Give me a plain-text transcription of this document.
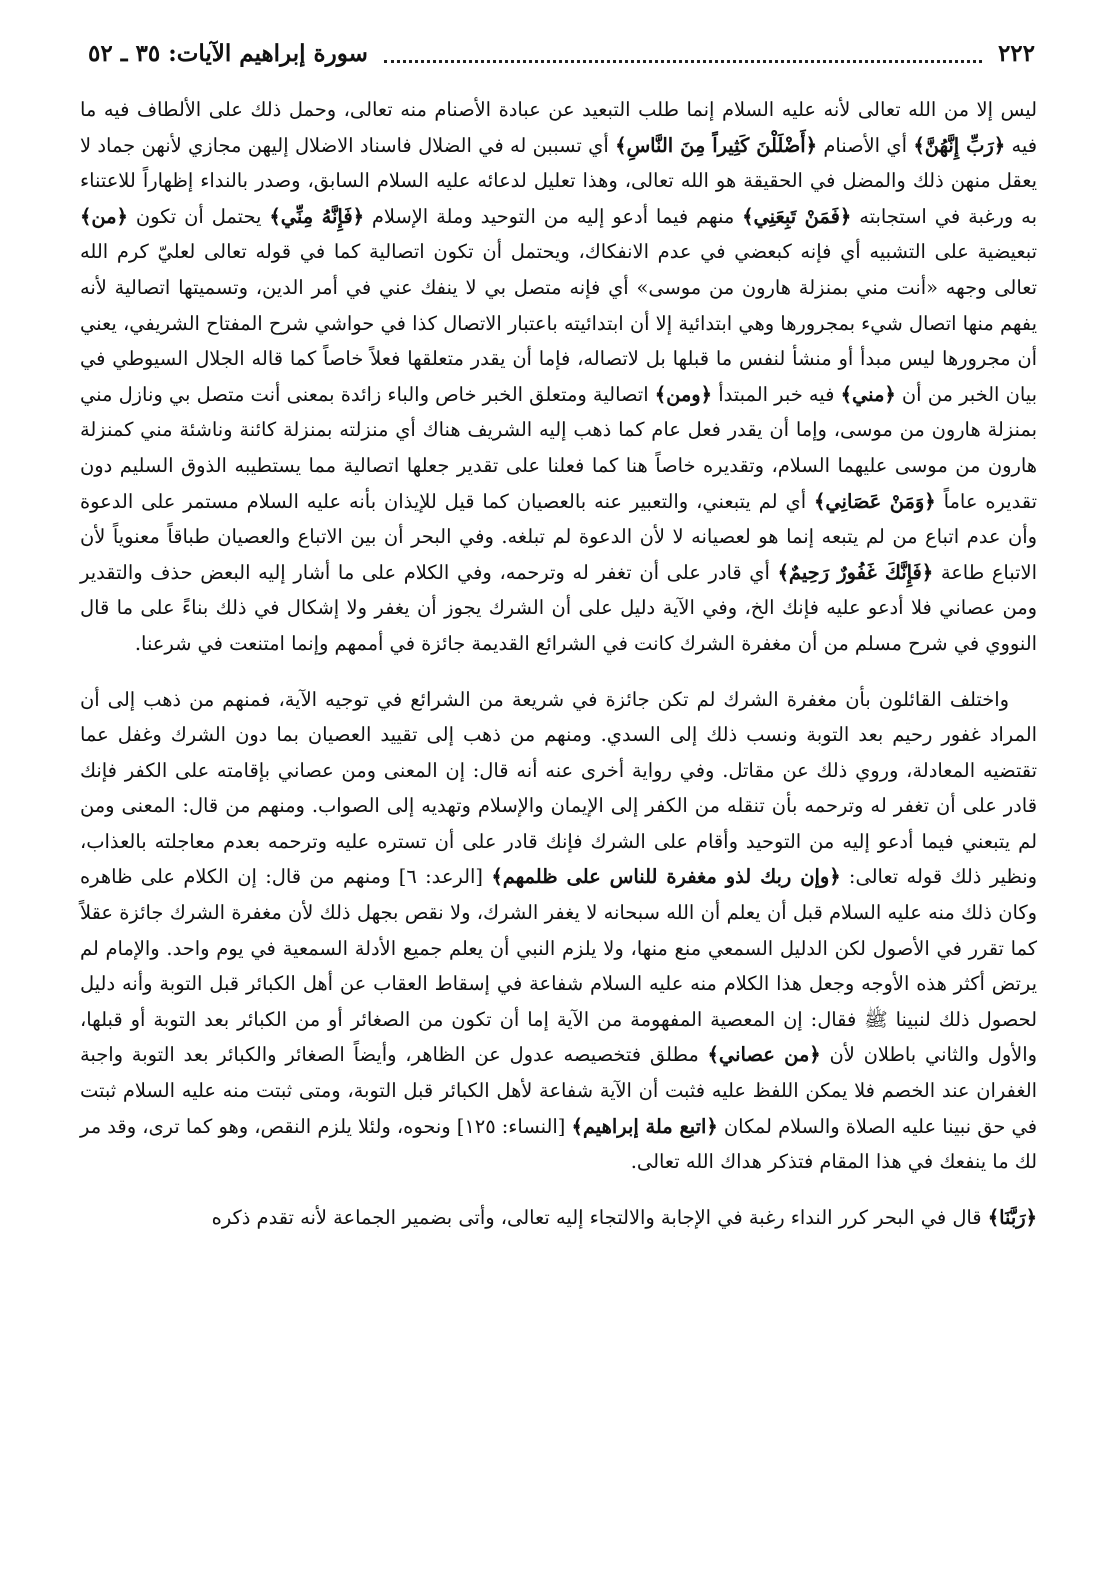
٢٢٢
سورة إبراهيم الآيات: ٣٥ ـ ٥٢

ليس إلا من الله تعالى لأنه عليه السلام إنما طلب التبعيد عن عبادة الأصنام منه تعالى، وحمل ذلك على الألطاف فيه ما فيه ﴿رَبِّ إِنَّهُنَّ﴾ أي الأصنام ﴿أَضْلَلْنَ كَثِيراً مِنَ النَّاسِ﴾ أي تسببن له في الضلال فاسناد الاضلال إليهن مجازي لأنهن جماد لا يعقل منهن ذلك والمضل في الحقيقة هو الله تعالى، وهذا تعليل لدعائه عليه السلام السابق، وصدر بالنداء إظهاراً للاعتناء به ورغبة في استجابته ﴿فَمَنْ تَبِعَنِي﴾ منهم فيما أدعو إليه من التوحيد وملة الإسلام ﴿فَإِنَّهُ مِنِّي﴾ يحتمل أن تكون ﴿من﴾ تبعيضية على التشبيه أي فإنه كبعضي في عدم الانفكاك، ويحتمل أن تكون اتصالية كما في قوله تعالى لعليّ كرم الله تعالى وجهه «أنت مني بمنزلة هارون من موسى» أي فإنه متصل بي لا ينفك عني في أمر الدين، وتسميتها اتصالية لأنه يفهم منها اتصال شيء بمجرورها وهي ابتدائية إلا أن ابتدائيته باعتبار الاتصال كذا في حواشي شرح المفتاح الشريفي، يعني أن مجرورها ليس مبدأ أو منشأ لنفس ما قبلها بل لاتصاله، فإما أن يقدر متعلقها فعلاً خاصاً كما قاله الجلال السيوطي في بيان الخبر من أن ﴿مني﴾ فيه خبر المبتدأ ﴿ومن﴾ اتصالية ومتعلق الخبر خاص والباء زائدة بمعنى أنت متصل بي ونازل مني بمنزلة هارون من موسى، وإما أن يقدر فعل عام كما ذهب إليه الشريف هناك أي منزلته بمنزلة كائنة وناشئة مني كمنزلة هارون من موسى عليهما السلام، وتقديره خاصاً هنا كما فعلنا على تقدير جعلها اتصالية مما يستطيبه الذوق السليم دون تقديره عاماً ﴿وَمَنْ عَصَانِي﴾ أي لم يتبعني، والتعبير عنه بالعصيان كما قيل للإيذان بأنه عليه السلام مستمر على الدعوة وأن عدم اتباع من لم يتبعه إنما هو لعصيانه لا لأن الدعوة لم تبلغه. وفي البحر أن بين الاتباع والعصيان طباقاً معنوياً لأن الاتباع طاعة ﴿فَإِنَّكَ غَفُورٌ رَحِيمٌ﴾ أي قادر على أن تغفر له وترحمه، وفي الكلام على ما أشار إليه البعض حذف والتقدير ومن عصاني فلا أدعو عليه فإنك الخ، وفي الآية دليل على أن الشرك يجوز أن يغفر ولا إشكال في ذلك بناءً على ما قال النووي في شرح مسلم من أن مغفرة الشرك كانت في الشرائع القديمة جائزة في أممهم وإنما امتنعت في شرعنا.

واختلف القائلون بأن مغفرة الشرك لم تكن جائزة في شريعة من الشرائع في توجيه الآية، فمنهم من ذهب إلى أن المراد غفور رحيم بعد التوبة ونسب ذلك إلى السدي. ومنهم من ذهب إلى تقييد العصيان بما دون الشرك وغفل عما تقتضيه المعادلة، وروي ذلك عن مقاتل. وفي رواية أخرى عنه أنه قال: إن المعنى ومن عصاني بإقامته على الكفر فإنك قادر على أن تغفر له وترحمه بأن تنقله من الكفر إلى الإيمان والإسلام وتهديه إلى الصواب. ومنهم من قال: المعنى ومن لم يتبعني فيما أدعو إليه من التوحيد وأقام على الشرك فإنك قادر على أن تستره عليه وترحمه بعدم معاجلته بالعذاب، ونظير ذلك قوله تعالى: ﴿وإن ربك لذو مغفرة للناس على ظلمهم﴾ [الرعد: ٦] ومنهم من قال: إن الكلام على ظاهره وكان ذلك منه عليه السلام قبل أن يعلم أن الله سبحانه لا يغفر الشرك، ولا نقص بجهل ذلك لأن مغفرة الشرك جائزة عقلاً كما تقرر في الأصول لكن الدليل السمعي منع منها، ولا يلزم النبي أن يعلم جميع الأدلة السمعية في يوم واحد. والإمام لم يرتض أكثر هذه الأوجه وجعل هذا الكلام منه عليه السلام شفاعة في إسقاط العقاب عن أهل الكبائر قبل التوبة وأنه دليل لحصول ذلك لنبينا ﷺ فقال: إن المعصية المفهومة من الآية إما أن تكون من الصغائر أو من الكبائر بعد التوبة أو قبلها، والأول والثاني باطلان لأن ﴿من عصاني﴾ مطلق فتخصيصه عدول عن الظاهر، وأيضاً الصغائر والكبائر بعد التوبة واجبة الغفران عند الخصم فلا يمكن اللفظ عليه فثبت أن الآية شفاعة لأهل الكبائر قبل التوبة، ومتى ثبتت منه عليه السلام ثبتت في حق نبينا عليه الصلاة والسلام لمكان ﴿اتبع ملة إبراهيم﴾ [النساء: ١٢٥] ونحوه، ولئلا يلزم النقص، وهو كما ترى، وقد مر لك ما ينفعك في هذا المقام فتذكر هداك الله تعالى.

﴿رَبَّنَا﴾ قال في البحر كرر النداء رغبة في الإجابة والالتجاء إليه تعالى، وأتى بضمير الجماعة لأنه تقدم ذكره
